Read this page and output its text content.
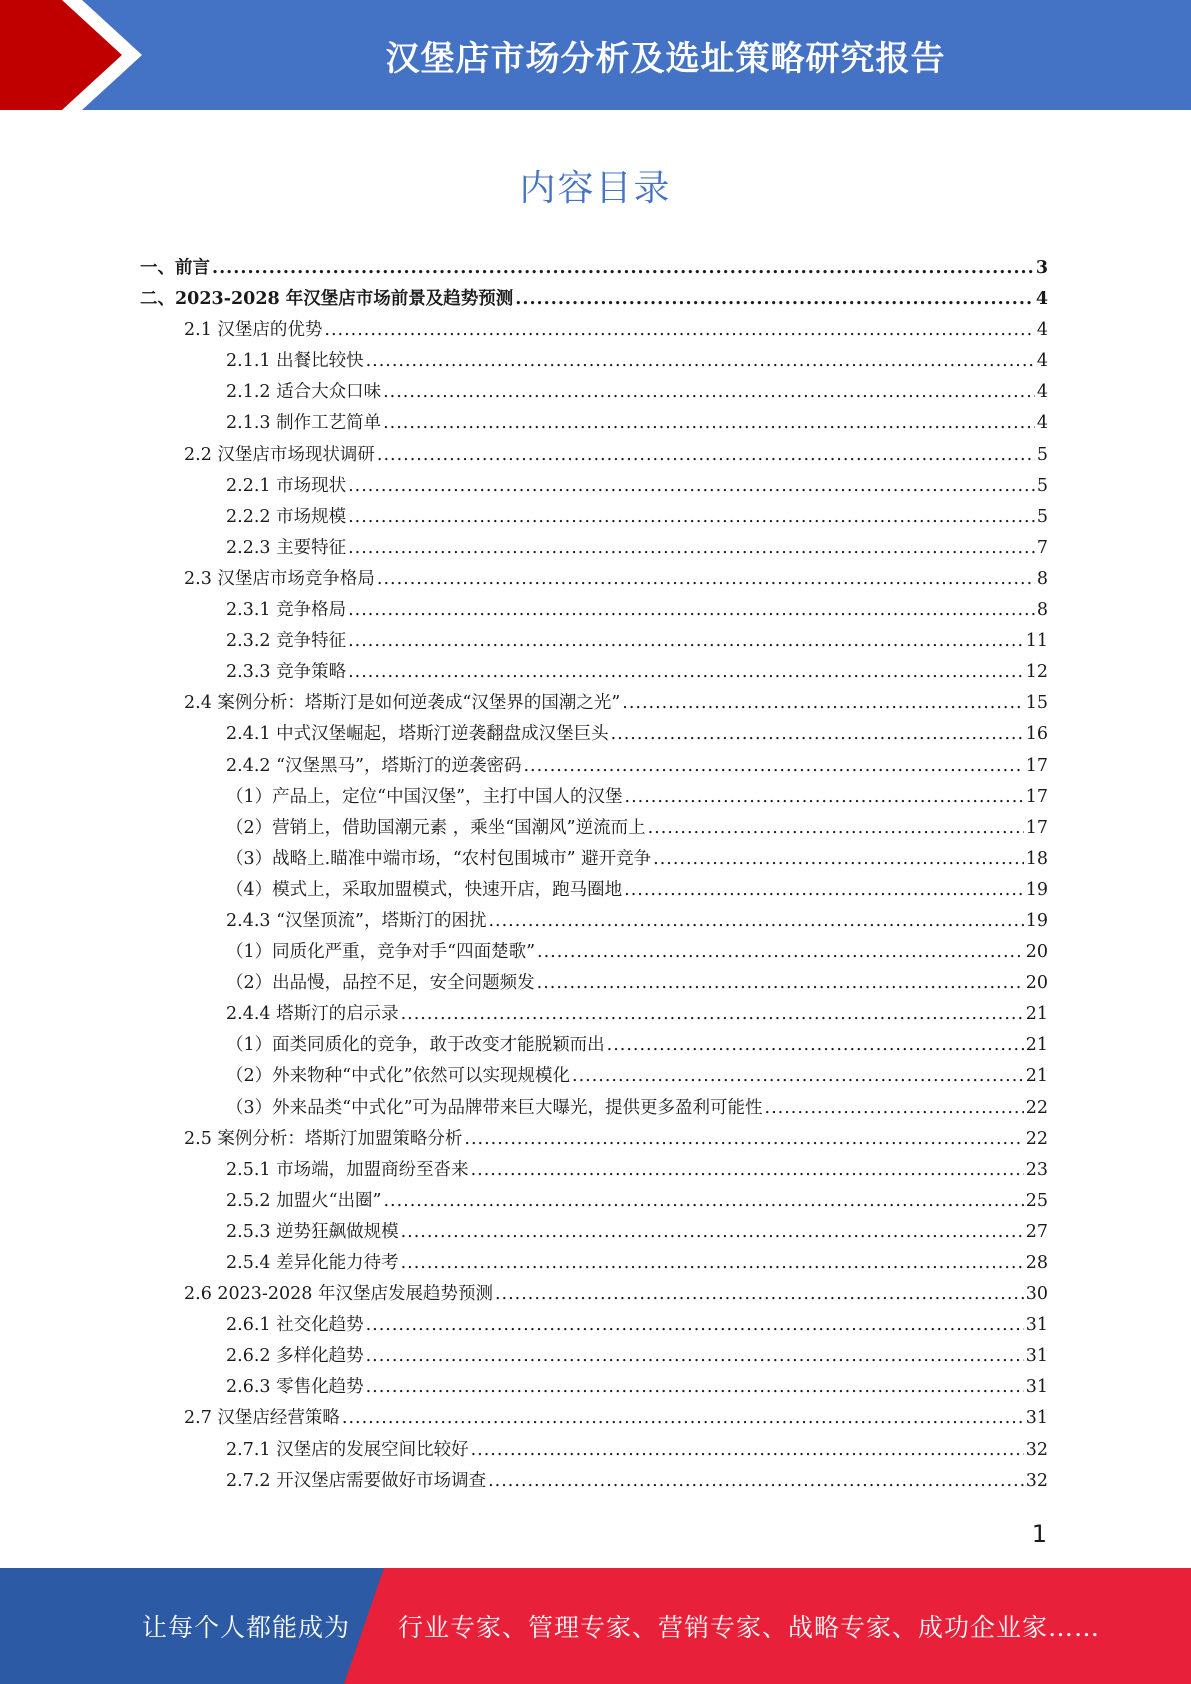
汉堡店市场分析及选址策略研究报告
内容目录
一、前言 .....	3
二、2023-2028 年汉堡店市场前景及趋势预测 .....	4
2.1 汉堡店的优势 .....	4
2.1.1 出餐比较快 .....	4
2.1.2 适合大众口味 .....	4
2.1.3 制作工艺简单 .....	4
2.2 汉堡店市场现状调研 .....	5
2.2.1 市场现状 .....	5
2.2.2 市场规模 .....	5
2.2.3 主要特征 .....	7
2.3 汉堡店市场竞争格局 .....	8
2.3.1 竞争格局 .....	8
2.3.2 竞争特征 .....	11
2.3.3 竞争策略 .....	12
2.4 案例分析：塔斯汀是如何逆袭成“汉堡界的国潮之光” .....	15
2.4.1 中式汉堡崛起，塔斯汀逆袭翻盘成汉堡巨头 .....	16
2.4.2 “汉堡黑马”，塔斯汀的逆袭密码 .....	17
（1）产品上，定位“中国汉堡”，主打中国人的汉堡 .....	17
（2）营销上，借助国潮元素 ，乘坐“国潮风”逆流而上 .....	17
（3）战略上.瞄准中端市场，“农村包围城市” 避开竞争 .....	18
（4）模式上，采取加盟模式，快速开店，跑马圈地 .....	19
2.4.3 “汉堡顶流”，塔斯汀的困扰 .....	19
（1）同质化严重，竞争对手“四面楚歌” .....	20
（2）出品慢，品控不足，安全问题频发 .....	20
2.4.4 塔斯汀的启示录 .....	21
（1）面类同质化的竞争，敢于改变才能脱颖而出 .....	21
（2）外来物种“中式化”依然可以实现规模化 .....	21
（3）外来品类“中式化”可为品牌带来巨大曝光，提供更多盈利可能性 .....	22
2.5 案例分析：塔斯汀加盟策略分析 .....	22
2.5.1 市场端，加盟商纷至沓来 .....	23
2.5.2 加盟火“出圈” .....	25
2.5.3 逆势狂飙做规模 .....	27
2.5.4 差异化能力待考 .....	28
2.6 2023-2028 年汉堡店发展趋势预测 .....	30
2.6.1 社交化趋势 .....	31
2.6.2 多样化趋势 .....	31
2.6.3 零售化趋势 .....	31
2.7 汉堡店经营策略 .....	31
2.7.1 汉堡店的发展空间比较好 .....	32
2.7.2 开汉堡店需要做好市场调查 .....	32
1
让每个人都能成为 行业专家、管理专家、营销专家、战略专家、成功企业家……
